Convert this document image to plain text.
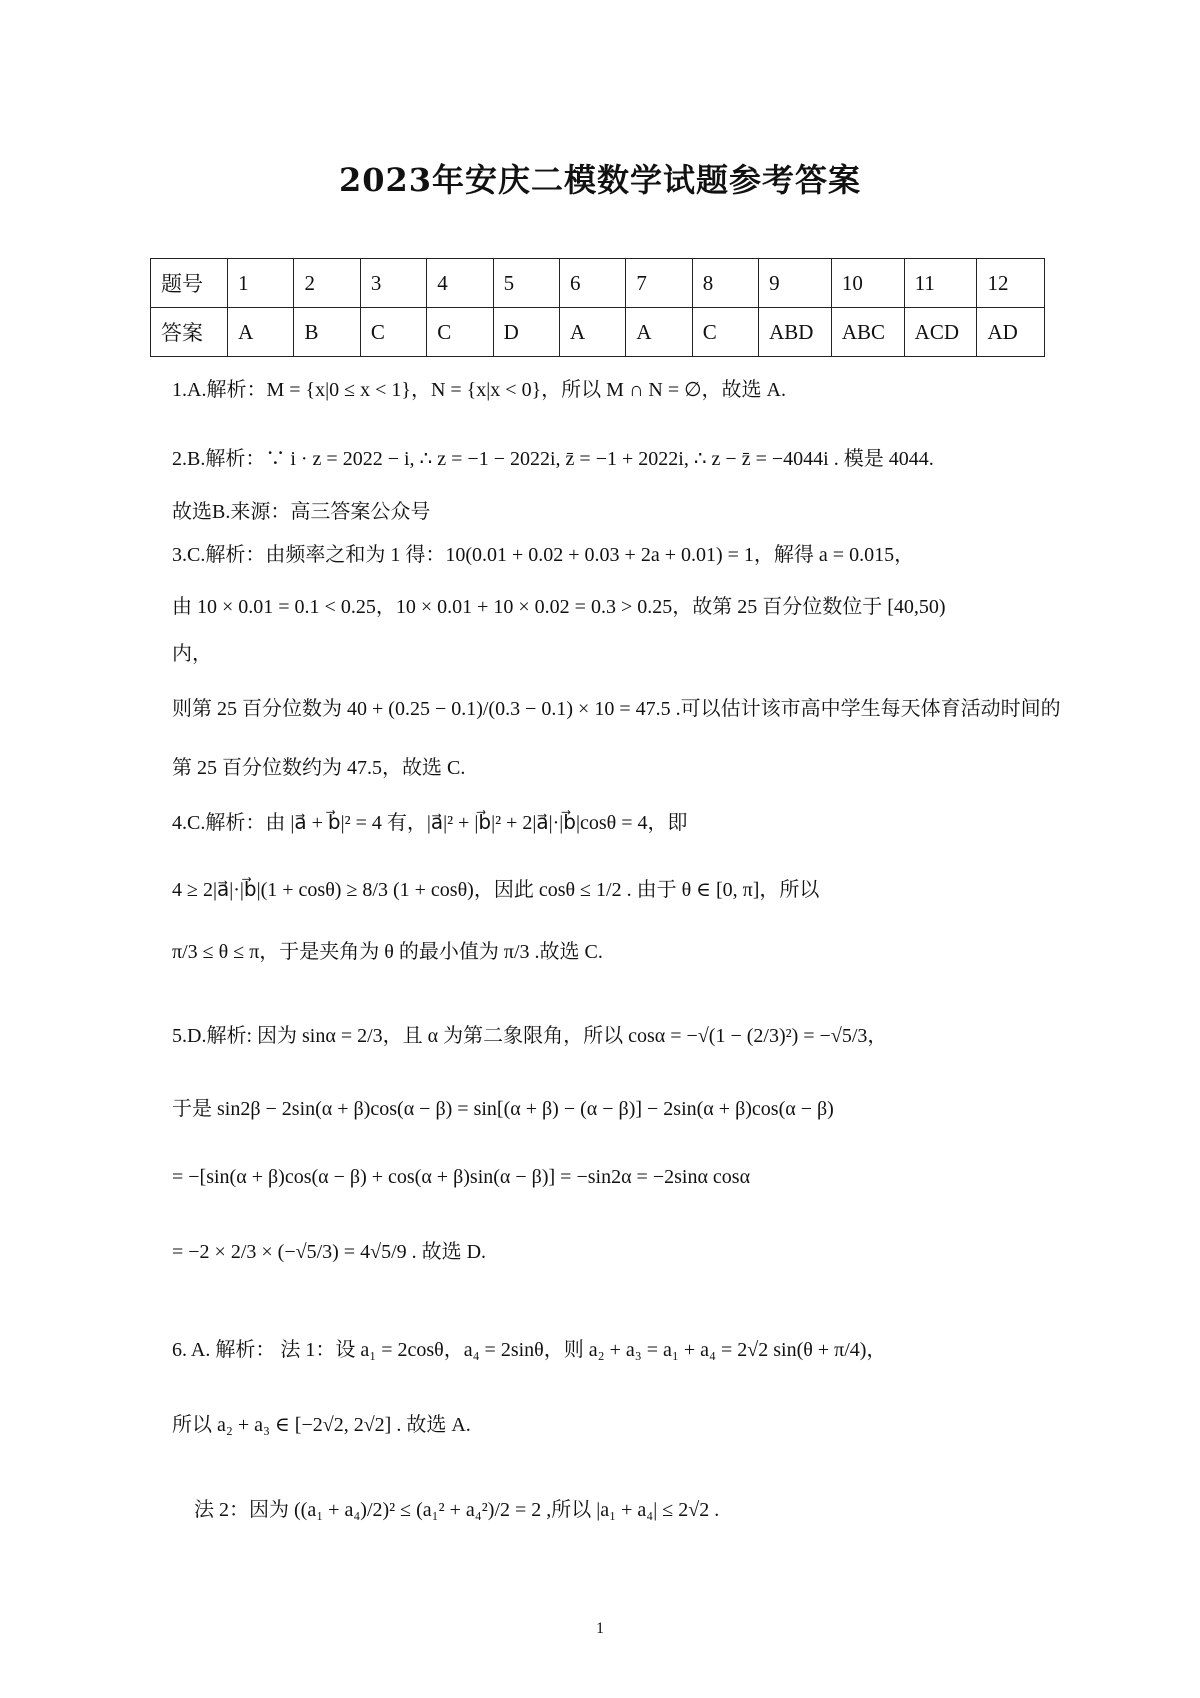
2023年安庆二模数学试题参考答案
题号	1	2	3	4	5	6	7	8	9	10	11	12
答案	A	B	C	C	D	A	A	C	ABD	ABC	ACD	AD
1.A.解析：M = {x|0 ≤ x < 1}，N = {x|x < 0}，所以 M ∩ N = ∅，故选 A.
2.B.解析：∵ i · z = 2022 − i, ∴ z = −1 − 2022i, z̄ = −1 + 2022i, ∴ z − z̄ = −4044i . 模是 4044.
故选B.来源：高三答案公众号
3.C.解析：由频率之和为 1 得：10(0.01 + 0.02 + 0.03 + 2a + 0.01) = 1，解得 a = 0.015，
由 10 × 0.01 = 0.1 < 0.25，10 × 0.01 + 10 × 0.02 = 0.3 > 0.25，故第 25 百分位数位于 [40,50)
内，
则第 25 百分位数为 40 + (0.25 − 0.1)/(0.3 − 0.1) × 10 = 47.5 .可以估计该市高中学生每天体育活动时间的
第 25 百分位数约为 47.5，故选 C.
4.C.解析：由 |a⃗ + b⃗|² = 4 有，|a⃗|² + |b⃗|² + 2|a⃗|·|b⃗|cosθ = 4，即
4 ≥ 2|a⃗|·|b⃗|(1 + cosθ) ≥ 8/3 (1 + cosθ)，因此 cosθ ≤ 1/2 . 由于 θ ∈ [0, π]，所以
π/3 ≤ θ ≤ π，于是夹角为 θ 的最小值为 π/3 .故选 C.
5.D.解析: 因为 sinα = 2/3，且 α 为第二象限角，所以 cosα = −√(1 − (2/3)²) = −√5/3，
于是 sin2β − 2sin(α + β)cos(α − β) = sin[(α + β) − (α − β)] − 2sin(α + β)cos(α − β)
= −[sin(α + β)cos(α − β) + cos(α + β)sin(α − β)] = −sin2α = −2sinα cosα
= −2 × 2/3 × (−√5/3) = 4√5/9 . 故选 D.
6. A. 解析： 法 1：设 a₁ = 2cosθ，a₄ = 2sinθ，则 a₂ + a₃ = a₁ + a₄ = 2√2 sin(θ + π/4)，
所以 a₂ + a₃ ∈ [−2√2, 2√2] . 故选 A.
法 2：因为 ((a₁ + a₄)/2)² ≤ (a₁² + a₄²)/2 = 2 ,所以 |a₁ + a₄| ≤ 2√2 .
1
